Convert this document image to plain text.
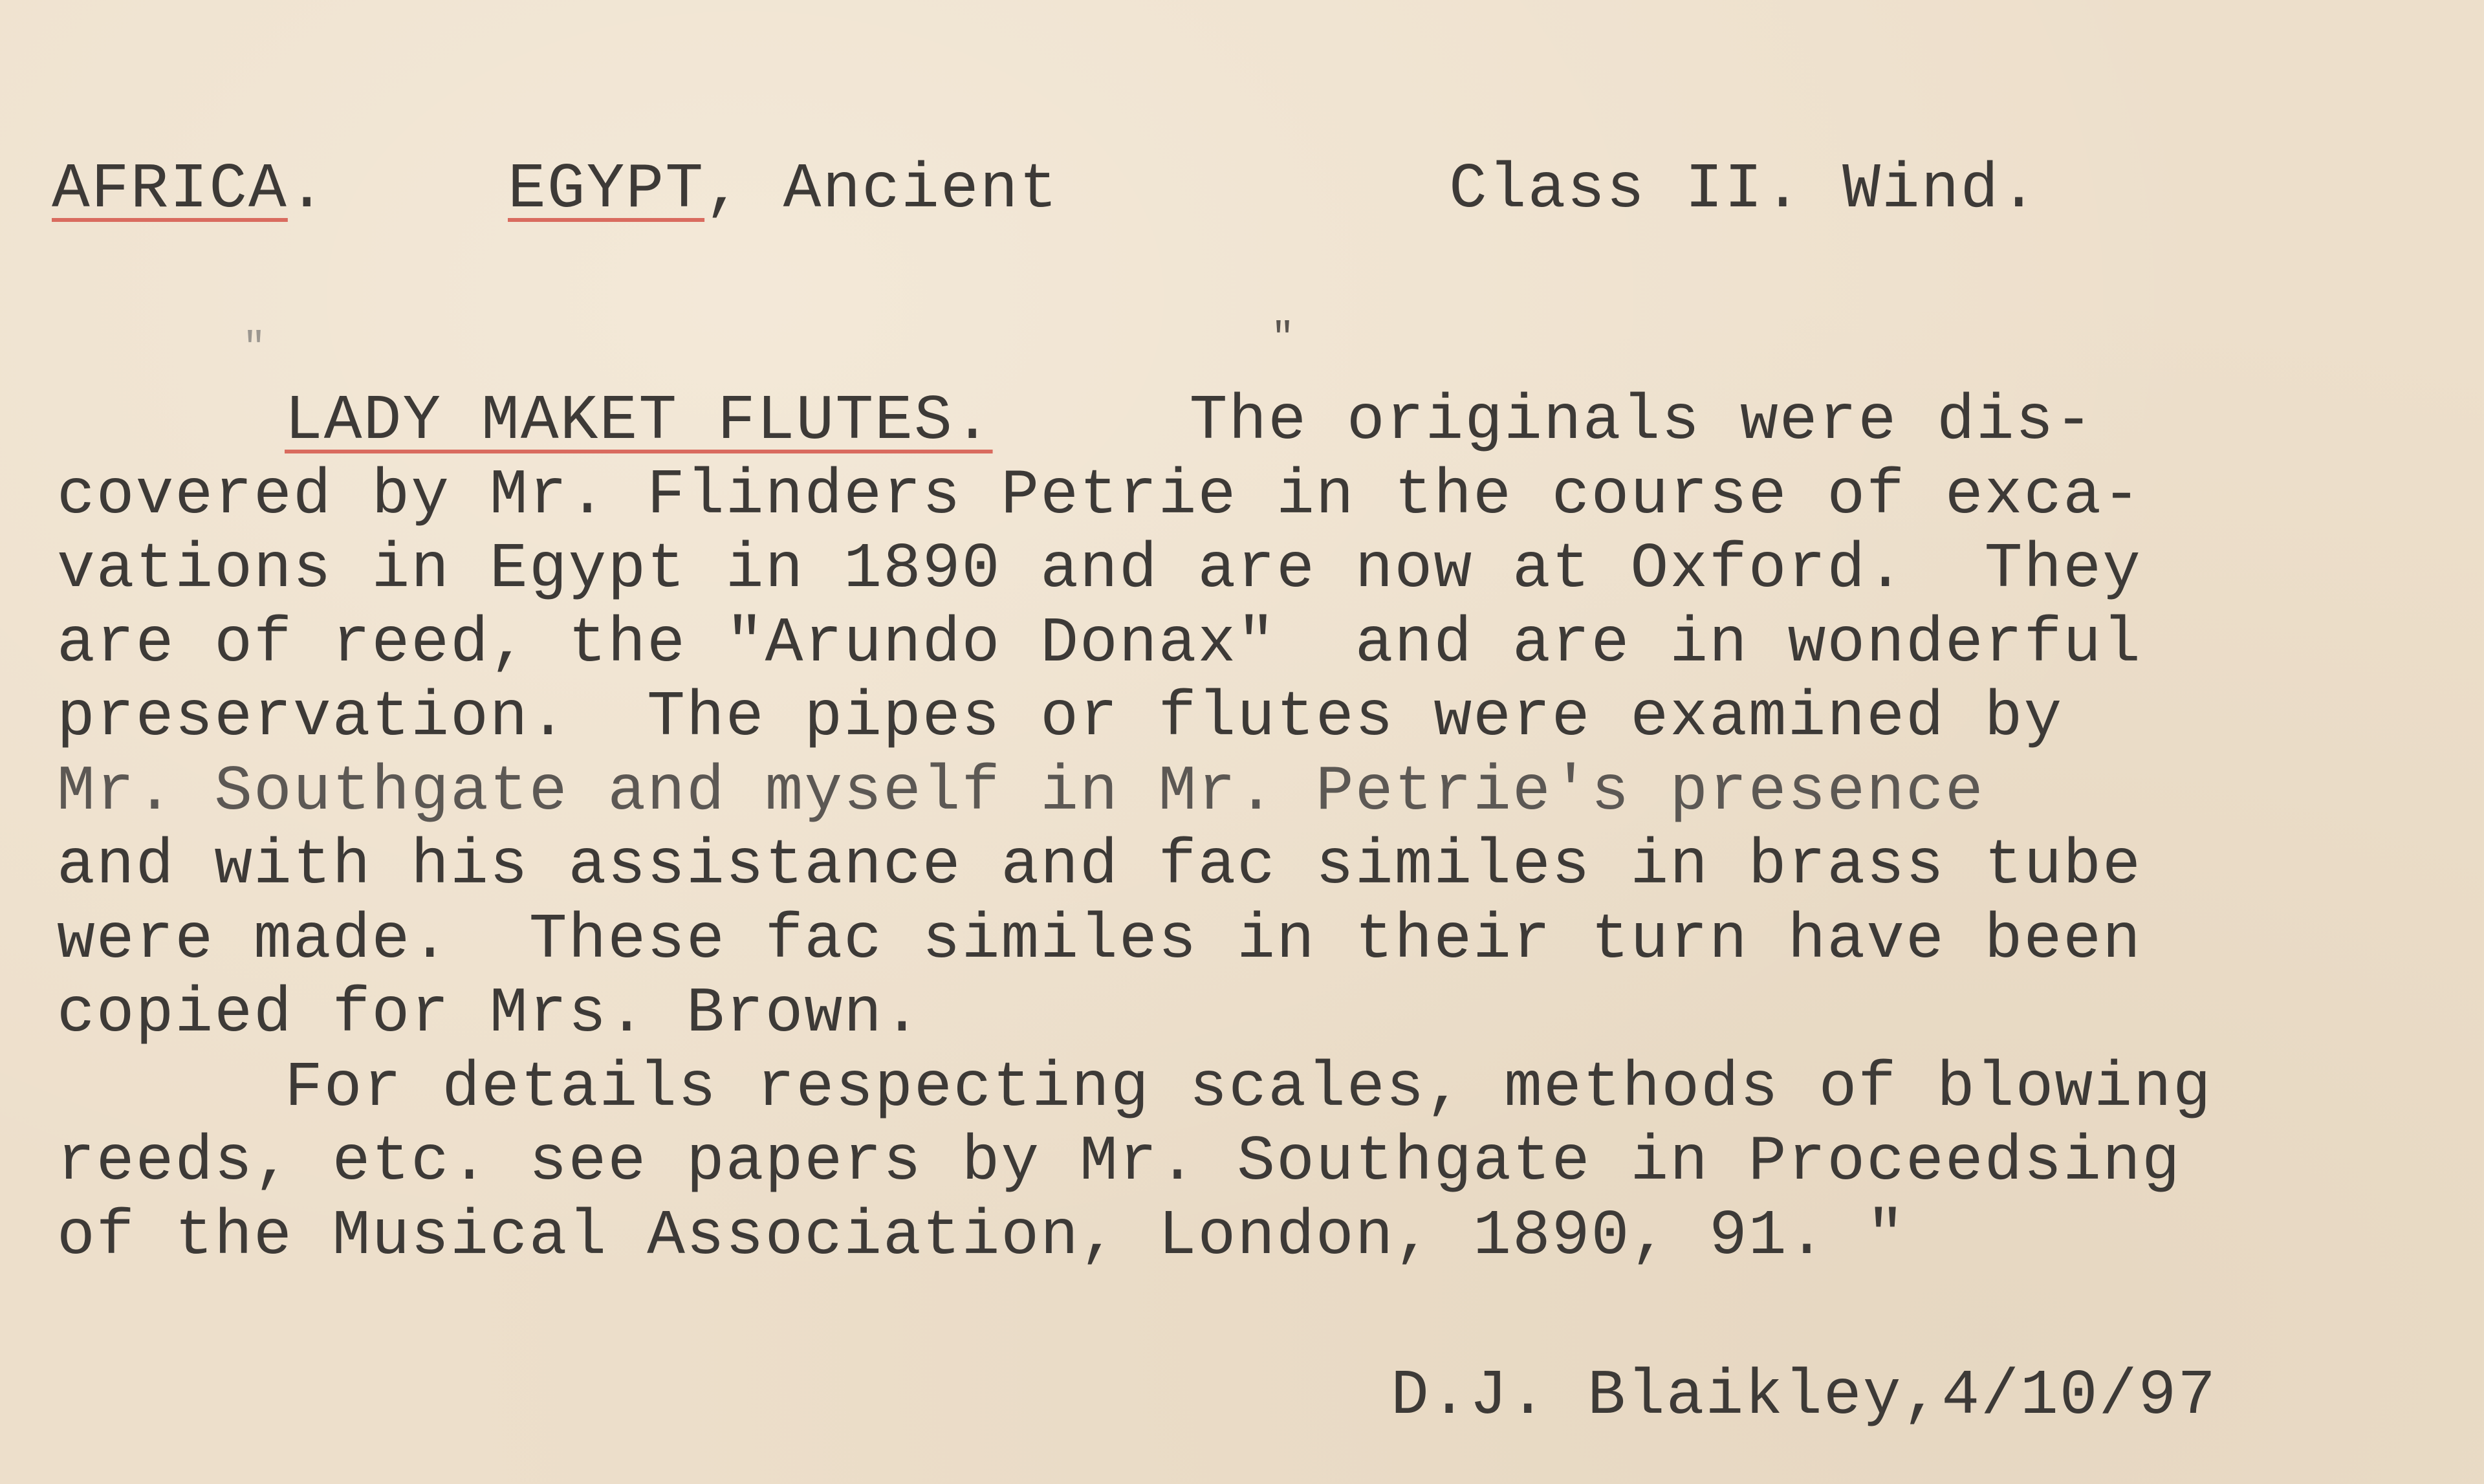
AFRICA.	EGYPT, Ancient	Class II. Wind.
"	"
LADY MAKET FLUTES.     The originals were dis-
covered by Mr. Flinders Petrie in the course of exca-
vations in Egypt in 1890 and are now at Oxford.  They
are of reed, the "Arundo Donax"  and are in wonderful
preservation.  The pipes or flutes were examined by
Mr. Southgate and myself in Mr. Petrie's presence
and with his assistance and fac similes in brass tube
were made.  These fac similes in their turn have been
copied for Mrs. Brown.
For details respecting scales, methods of blowing
reeds, etc. see papers by Mr. Southgate in Proceedsing
of the Musical Association, London, 1890, 91. "
D.J. Blaikley,4/10/97
